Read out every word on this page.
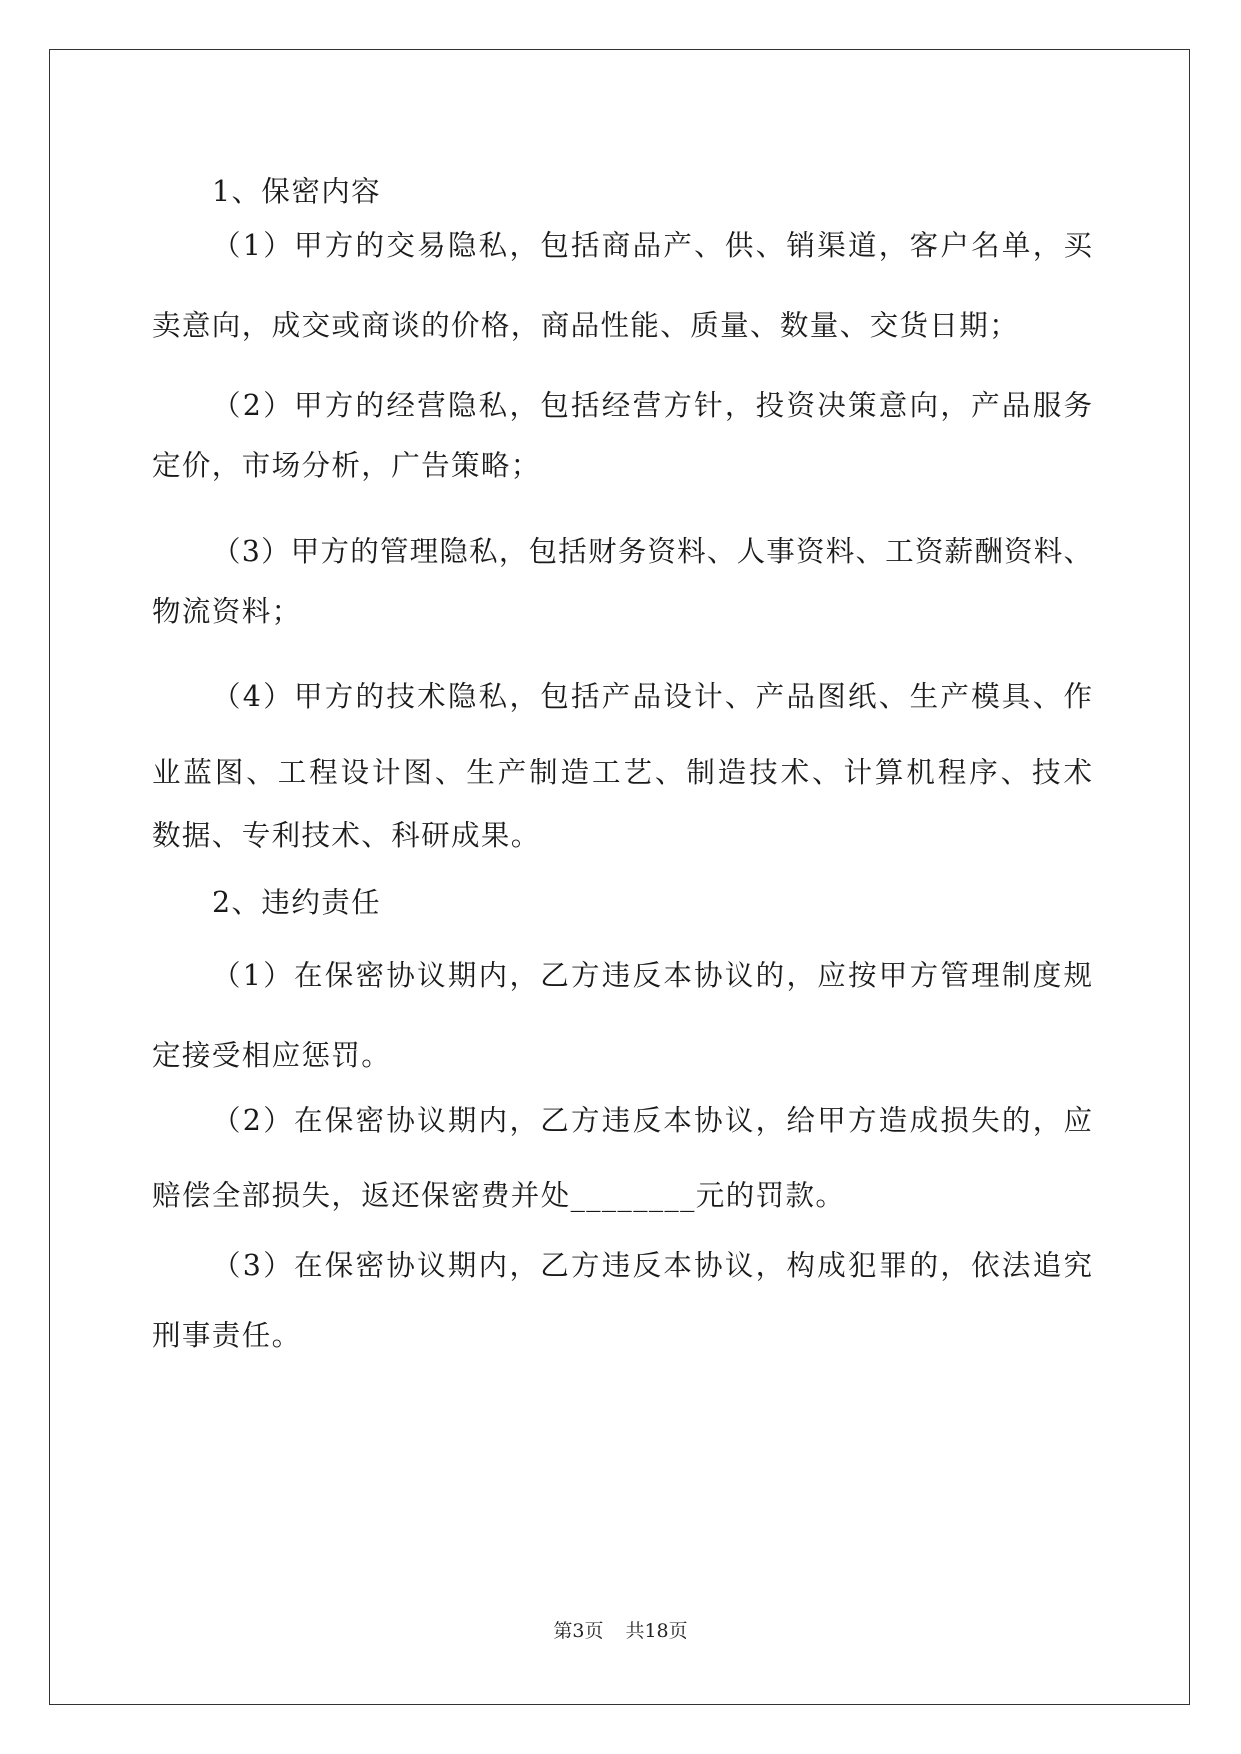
1、保密内容
（1）甲方的交易隐私，包括商品产、供、销渠道，客户名单，买
卖意向，成交或商谈的价格，商品性能、质量、数量、交货日期；
（2）甲方的经营隐私，包括经营方针，投资决策意向，产品服务
定价，市场分析，广告策略；
（3）甲方的管理隐私，包括财务资料、人事资料、工资薪酬资料、
物流资料；
（4）甲方的技术隐私，包括产品设计、产品图纸、生产模具、作
业蓝图、工程设计图、生产制造工艺、制造技术、计算机程序、技术
数据、专利技术、科研成果。
2、违约责任
（1）在保密协议期内，乙方违反本协议的，应按甲方管理制度规
定接受相应惩罚。
（2）在保密协议期内，乙方违反本协议，给甲方造成损失的，应
赔偿全部损失，返还保密费并处________元的罚款。
（3）在保密协议期内，乙方违反本协议，构成犯罪的，依法追究
刑事责任。
第3页 共18页
